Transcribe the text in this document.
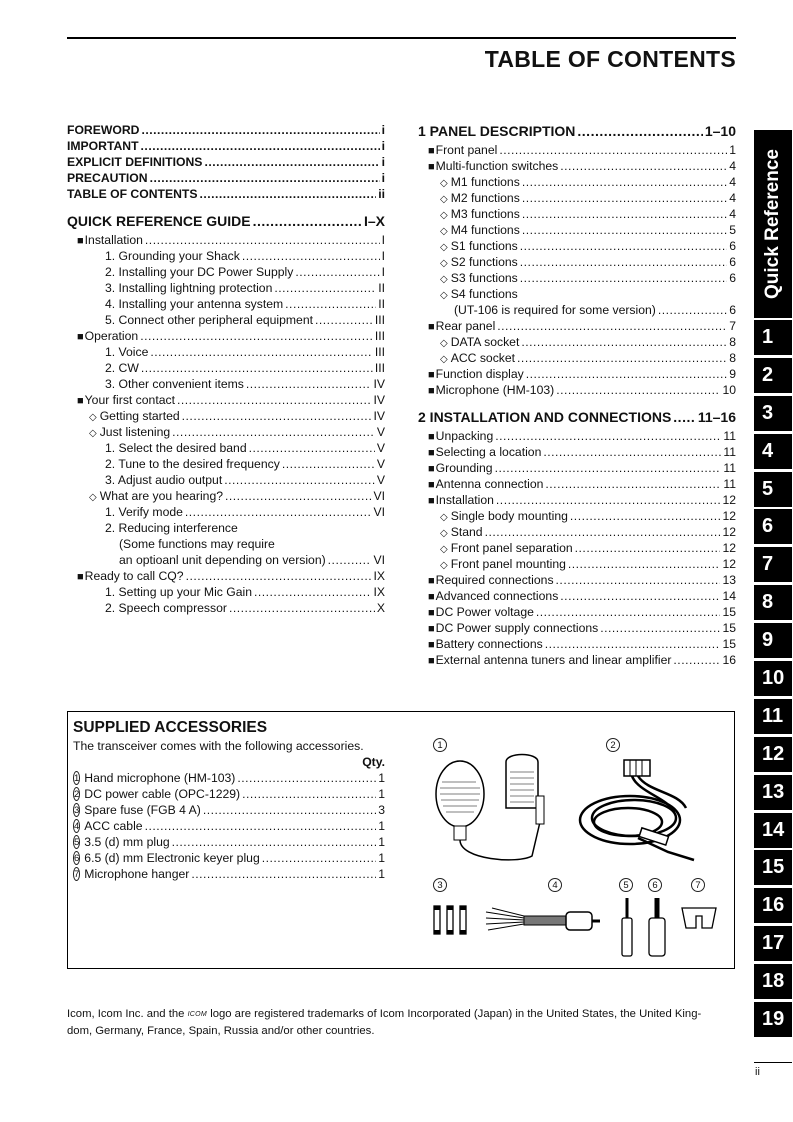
TABLE OF CONTENTS
FOREWORD .....	i
IMPORTANT .....	i
EXPLICIT DEFINITIONS .....	i
PRECAUTION .....	i
TABLE OF CONTENTS .....	ii
QUICK REFERENCE GUIDE .....	I–X
■ Installation .....	I
1. Grounding your Shack .....	I
2. Installing your DC Power Supply .....	I
3. Installing lightning protection .....	II
4. Installing your antenna system .....	II
5. Connect other peripheral equipment .....	III
■ Operation .....	III
1. Voice .....	III
2. CW .....	III
3. Other convenient items .....	IV
■ Your first contact .....	IV
◇ Getting started .....	IV
◇ Just listening .....	V
1. Select the desired band .....	V
2. Tune to the desired frequency .....	V
3. Adjust audio output .....	V
◇ What are you hearing? .....	VI
1. Verify mode .....	VI
2. Reducing interference
(Some functions may require
an optioanl unit depending on version) .....	VI
■ Ready to call CQ? .....	IX
1. Setting up your Mic Gain .....	IX
2. Speech compressor .....	X
1 PANEL DESCRIPTION .....	1–10
■ Front panel .....	1
■ Multi-function switches .....	4
◇ M1 functions .....	4
◇ M2 functions .....	4
◇ M3 functions .....	4
◇ M4 functions .....	5
◇ S1 functions .....	6
◇ S2 functions .....	6
◇ S3 functions .....	6
◇ S4 functions
(UT-106 is required for some version) .....	6
■ Rear panel .....	7
◇ DATA socket .....	8
◇ ACC socket .....	8
■ Function display .....	9
■ Microphone (HM-103) .....	10
2 INSTALLATION AND CONNECTIONS ..... 11–16
■ Unpacking .....	11
■ Selecting a location .....	11
■ Grounding .....	11
■ Antenna connection .....	11
■ Installation .....	12
◇ Single body mounting .....	12
◇ Stand .....	12
◇ Front panel separation .....	12
◇ Front panel mounting .....	12
■ Required connections .....	13
■ Advanced connections .....	14
■ DC Power voltage .....	15
■ DC Power supply connections .....	15
■ Battery connections .....	15
■ External antenna tuners and linear amplifier .....	16
Quick Reference
1
2
3
4
5
6
7
8
9
10
11
12
13
14
15
16
17
18
19
ii
SUPPLIED ACCESSORIES
The transceiver comes with the following accessories.
Qty.
1 Hand microphone (HM-103) .....	1
2 DC power cable (OPC-1229) .....	1
3 Spare fuse (FGB 4 A) .....	3
4 ACC cable .....	1
5 3.5 (d) mm plug .....	1
6 6.5 (d) mm Electronic keyer plug .....	1
7 Microphone hanger .....	1
1	2
3	4	5	6	7
Icom, Icom Inc. and the ICOM logo are registered trademarks of Icom Incorporated (Japan) in the United States, the United King-
dom, Germany, France, Spain, Russia and/or other countries.
